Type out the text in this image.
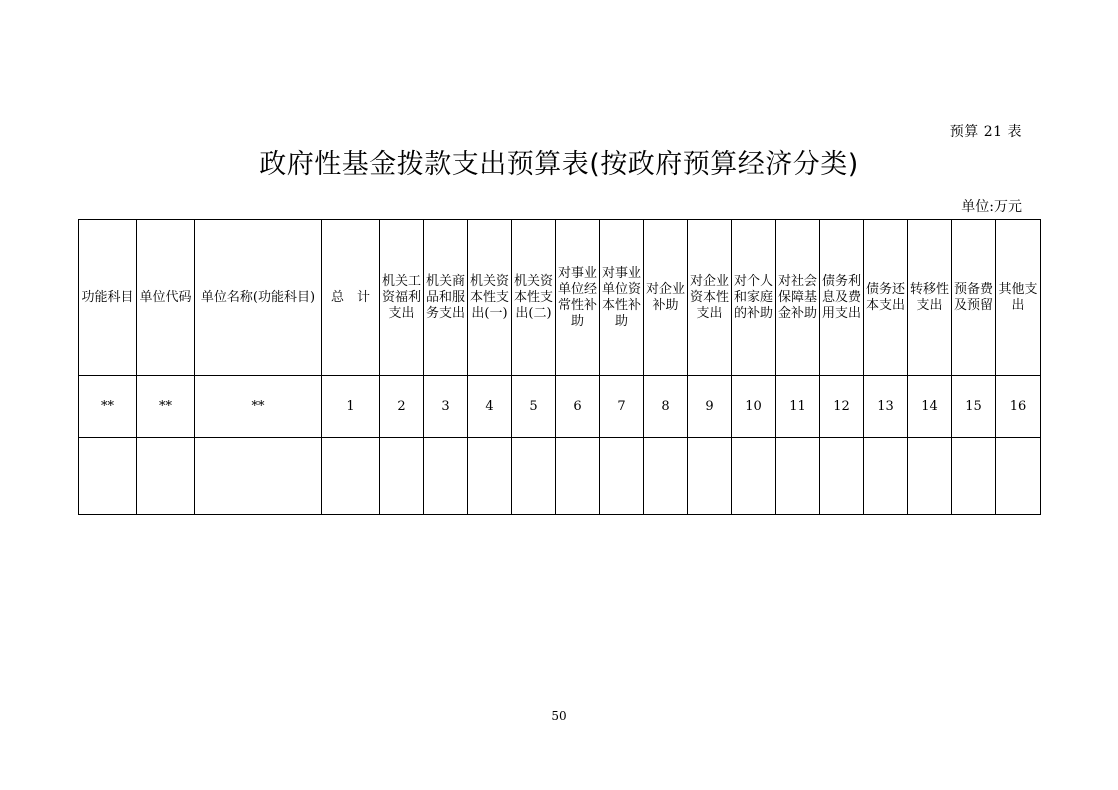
预算 21 表
政府性基金拨款支出预算表(按政府预算经济分类)
单位:万元
功能科目	单位代码	单位名称(功能科目)	总　计	机关工
资福利
支出	机关商
品和服
务支出	机关资
本性支
出(一)	机关资
本性支
出(二)	对事业
单位经
常性补
助	对事业
单位资
本性补
助	对企业
补助	对企业
资本性
支出	对个人
和家庭
的补助	对社会
保障基
金补助	债务利
息及费
用支出	债务还
本支出	转移性
支出	预备费
及预留	其他支
出
**	**	**	1	2	3	4	5	6	7	8	9	10	11	12	13	14	15	16

50
